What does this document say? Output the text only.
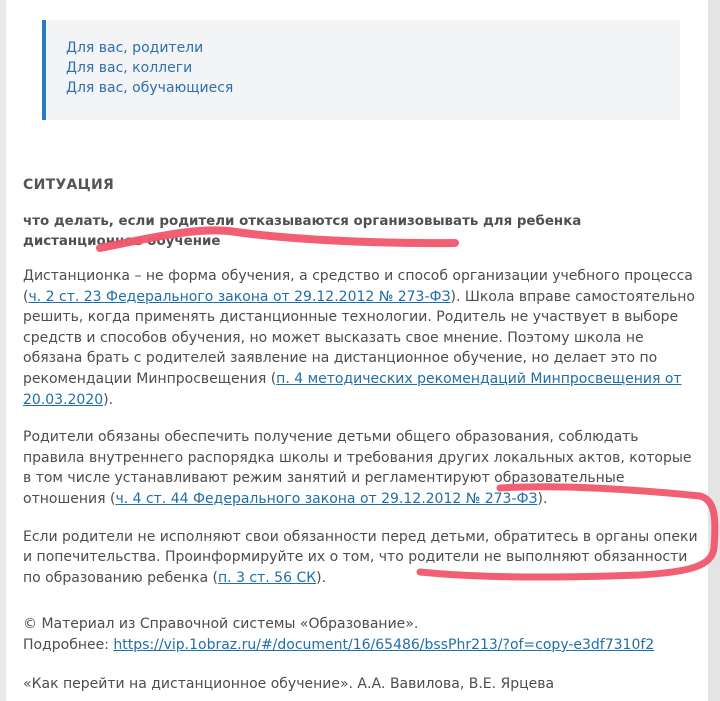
Для вас, родители
Для вас, коллеги
Для вас, обучающиеся
СИТУАЦИЯ
что делать, если родители отказываются организовывать для ребенка дистанционное обучение

Дистанционка – не форма обучения, а средство и способ организации учебного процесса (ч. 2 ст. 23 Федерального закона от 29.12.2012 № 273-ФЗ). Школа вправе самостоятельно решить, когда применять дистанционные технологии. Родитель не участвует в выборе средств и способов обучения, но может высказать свое мнение. Поэтому школа не обязана брать с родителей заявление на дистанционное обучение, но делает это по рекомендации Минпросвещения (п. 4 методических рекомендаций Минпросвещения от 20.03.2020).

Родители обязаны обеспечить получение детьми общего образования, соблюдать правила внутреннего распорядка школы и требования других локальных актов, которые в том числе устанавливают режим занятий и регламентируют образовательные отношения (ч. 4 ст. 44 Федерального закона от 29.12.2012 № 273-ФЗ).

Если родители не исполняют свои обязанности перед детьми, обратитесь в органы опеки и попечительства. Проинформируйте их о том, что родители не выполняют обязанности по образованию ребенка (п. 3 ст. 56 СК).

© Материал из Справочной системы «Образование».

Подробнее: https://vip.1obraz.ru/#/document/16/65486/bssPhr213/?of=copy-e3df7310f2

«Как перейти на дистанционное обучение». А.А. Вавилова, В.Е. Ярцева
